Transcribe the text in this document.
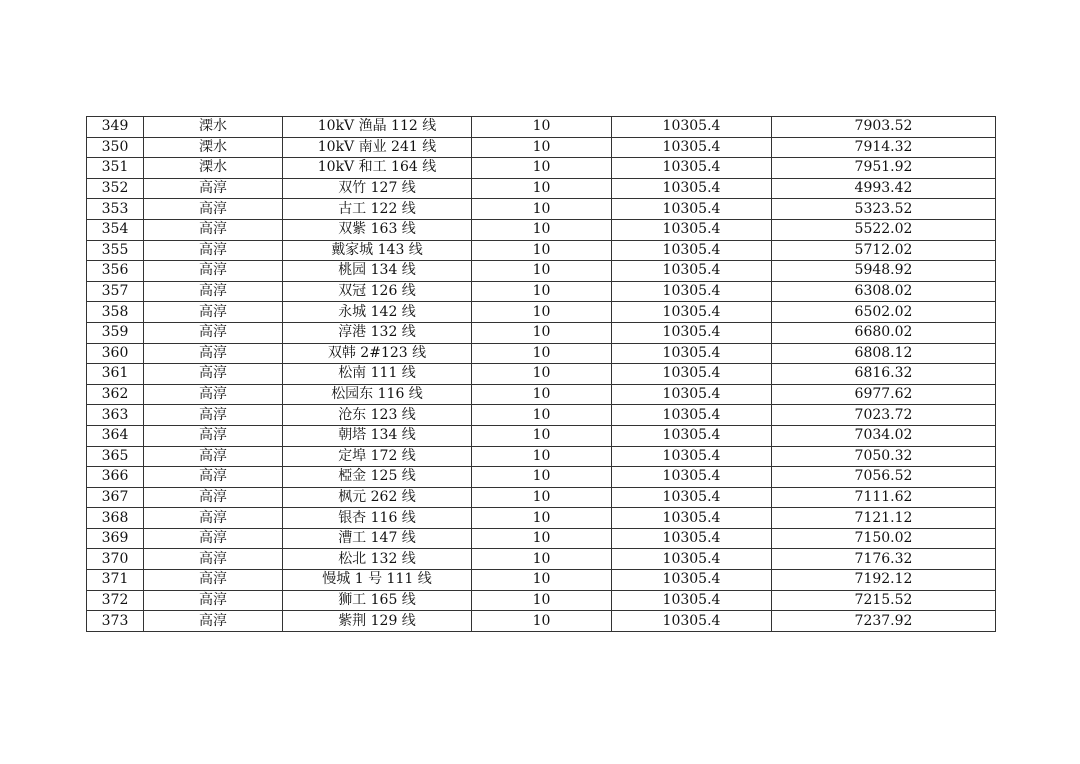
349	溧水	10kV 渔晶 112 线	10	10305.4	7903.52
350	溧水	10kV 南业 241 线	10	10305.4	7914.32
351	溧水	10kV 和工 164 线	10	10305.4	7951.92
352	高淳	双竹 127 线	10	10305.4	4993.42
353	高淳	古工 122 线	10	10305.4	5323.52
354	高淳	双紫 163 线	10	10305.4	5522.02
355	高淳	戴家城 143 线	10	10305.4	5712.02
356	高淳	桃园 134 线	10	10305.4	5948.92
357	高淳	双冠 126 线	10	10305.4	6308.02
358	高淳	永城 142 线	10	10305.4	6502.02
359	高淳	淳港 132 线	10	10305.4	6680.02
360	高淳	双韩 2#123 线	10	10305.4	6808.12
361	高淳	松南 111 线	10	10305.4	6816.32
362	高淳	松园东 116 线	10	10305.4	6977.62
363	高淳	沧东 123 线	10	10305.4	7023.72
364	高淳	朝塔 134 线	10	10305.4	7034.02
365	高淳	定埠 172 线	10	10305.4	7050.32
366	高淳	椏金 125 线	10	10305.4	7056.52
367	高淳	枫元 262 线	10	10305.4	7111.62
368	高淳	银杏 116 线	10	10305.4	7121.12
369	高淳	漕工 147 线	10	10305.4	7150.02
370	高淳	松北 132 线	10	10305.4	7176.32
371	高淳	慢城 1 号 111 线	10	10305.4	7192.12
372	高淳	狮工 165 线	10	10305.4	7215.52
373	高淳	紫荆 129 线	10	10305.4	7237.92
